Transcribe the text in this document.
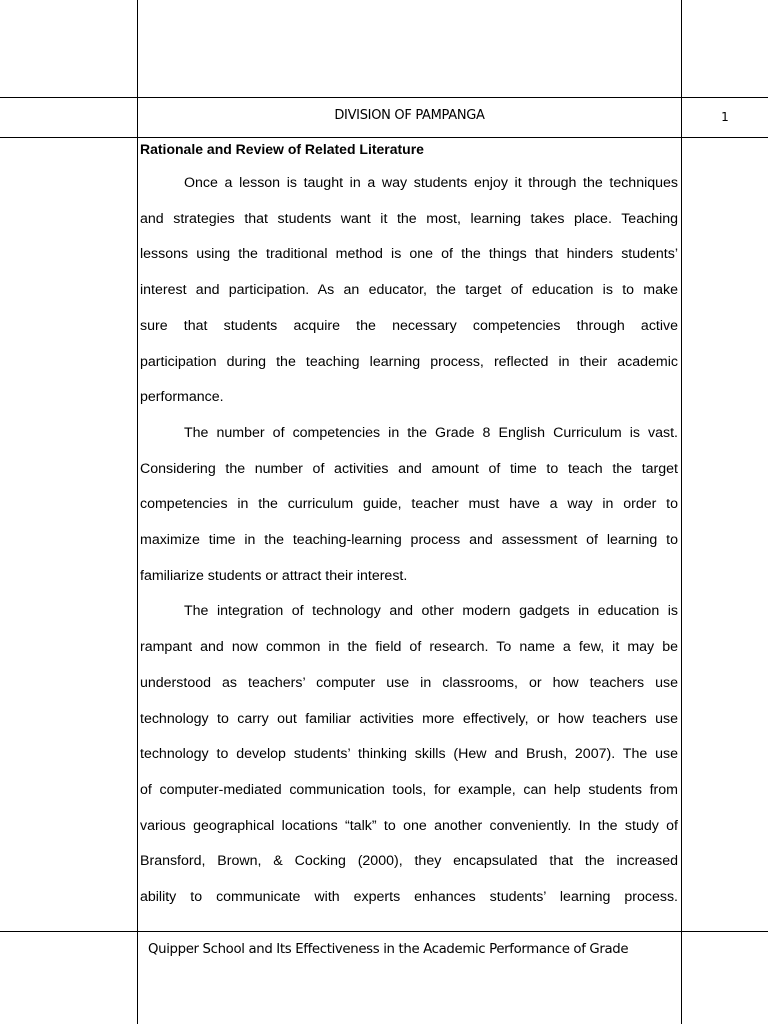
DIVISION OF PAMPANGA	1
Rationale and Review of Related Literature
Once a lesson is taught in a way students enjoy it through the techniques
and strategies that students want it the most, learning takes place. Teaching
lessons using the traditional method is one of the things that hinders students’
interest and participation. As an educator, the target of education is to make
sure that students acquire the necessary competencies through active
participation during the teaching learning process, reflected in their academic
performance.
The number of competencies in the Grade 8 English Curriculum is vast.
Considering the number of activities and amount of time to teach the target
competencies in the curriculum guide, teacher must have a way in order to
maximize time in the teaching-learning process and assessment of learning to
familiarize students or attract their interest.
The integration of technology and other modern gadgets in education is
rampant and now common in the field of research. To name a few, it may be
understood as teachers’ computer use in classrooms, or how teachers use
technology to carry out familiar activities more effectively, or how teachers use
technology to develop students’ thinking skills (Hew and Brush, 2007). The use
of computer-mediated communication tools, for example, can help students from
various geographical locations “talk” to one another conveniently. In the study of
Bransford, Brown, & Cocking (2000), they encapsulated that the increased
ability to communicate with experts enhances students’ learning process.
Quipper School and Its Effectiveness in the Academic Performance of Grade
